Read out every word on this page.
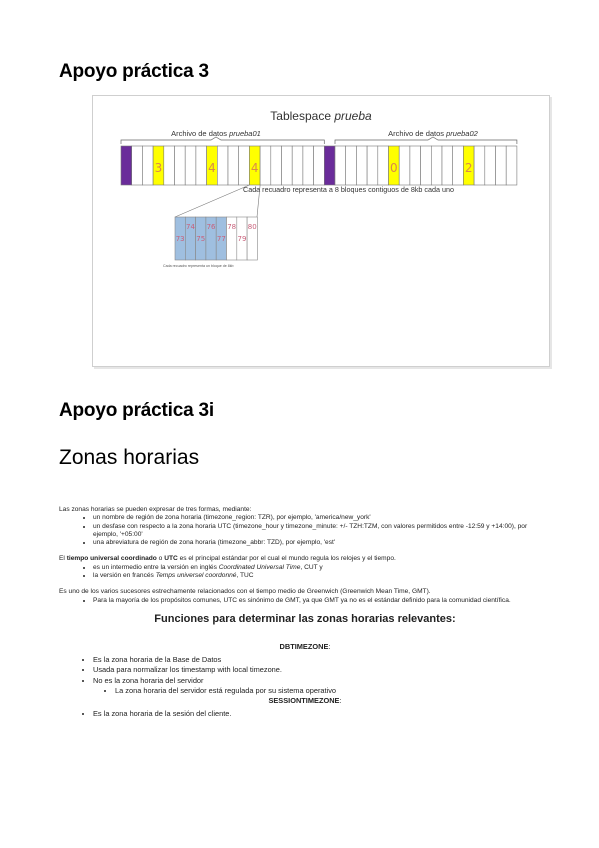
Apoyo práctica 3
Tablespace prueba
Archivo de datos prueba01	Archivo de datos prueba02
3	4	4	0	2
Cada recuadro representa a 8 bloques contiguos de 8kb cada uno
73
74
75
76
77
78
79
80
Cada recuadro representa un bloque de 8kb
Apoyo práctica 3i
Zonas horarias

Las zonas horarias se pueden expresar de tres formas, mediante:

• un nombre de región de zona horaria (timezone_region: TZR), por ejemplo, 'america/new_york'
• un desfase con respecto a la zona horaria UTC (timezone_hour y timezone_minute: +/- TZH:TZM, con valores permitidos entre -12:59 y +14:00), por ejemplo, '+05:00'
• una abreviatura de región de zona horaria (timezone_abbr: TZD), por ejemplo, 'est'

El tiempo universal coordinado o UTC es el principal estándar por el cual el mundo regula los relojes y el tiempo.

• es un intermedio entre la versión en inglés Coordinated Universal Time, CUT y
• la versión en francés Temps universel coordonné, TUC

Es uno de los varios sucesores estrechamente relacionados con el tiempo medio de Greenwich (Greenwich Mean Time, GMT).

• Para la mayoría de los propósitos comunes, UTC es sinónimo de GMT, ya que GMT ya no es el estándar definido para la comunidad científica.
Funciones para determinar las zonas horarias relevantes:
DBTIMEZONE:
• Es la zona horaria de la Base de Datos
• Usada para normalizar los timestamp with local timezone.
• No es la zona horaria del servidor
• La zona horaria del servidor está regulada por su sistema operativo
SESSIONTIMEZONE:
• Es la zona horaria de la sesión del cliente.
